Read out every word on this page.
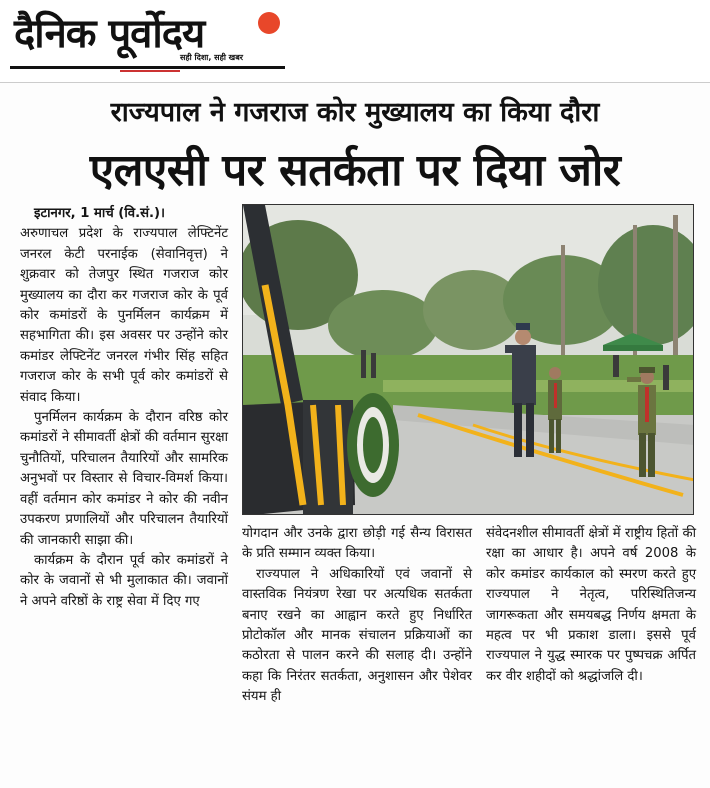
दैनिक पूर्वोदय
सही दिशा, सही खबर
राज्यपाल ने गजराज कोर मुख्यालय का किया दौरा
एलएसी पर सतर्कता पर दिया जोर

इटानगर, 1 मार्च (वि.सं.)।

अरुणाचल प्रदेश के राज्यपाल लेफ्टिनेंट जनरल केटी परनाईक (सेवानिवृत्त) ने शुक्रवार को तेजपुर स्थित गजराज कोर मुख्यालय का दौरा कर गजराज कोर के पूर्व कोर कमांडरों के पुनर्मिलन कार्यक्रम में सहभागिता की। इस अवसर पर उन्होंने कोर कमांडर लेफ्टिनेंट जनरल गंभीर सिंह सहित गजराज कोर के सभी पूर्व कोर कमांडरों से संवाद किया।

पुनर्मिलन कार्यक्रम के दौरान वरिष्ठ कोर कमांडरों ने सीमावर्ती क्षेत्रों की वर्तमान सुरक्षा चुनौतियों, परिचालन तैयारियों और सामरिक अनुभवों पर विस्तार से विचार-विमर्श किया। वहीं वर्तमान कोर कमांडर ने कोर की नवीन उपकरण प्रणालियों और परिचालन तैयारियों की जानकारी साझा की।

कार्यक्रम के दौरान पूर्व कोर कमांडरों ने कोर के जवानों से भी मुलाकात की। जवानों ने अपने वरिष्ठों के राष्ट्र सेवा में दिए गए

योगदान और उनके द्वारा छोड़ी गई सैन्य विरासत के प्रति सम्मान व्यक्त किया।

राज्यपाल ने अधिकारियों एवं जवानों से वास्तविक नियंत्रण रेखा पर अत्यधिक सतर्कता बनाए रखने का आह्वान करते हुए निर्धारित प्रोटोकॉल और मानक संचालन प्रक्रियाओं का कठोरता से पालन करने की सलाह दी। उन्होंने कहा कि निरंतर सतर्कता, अनुशासन और पेशेवर संयम ही

संवेदनशील सीमावर्ती क्षेत्रों में राष्ट्रीय हितों की रक्षा का आधार है। अपने वर्ष 2008 के कोर कमांडर कार्यकाल को स्मरण करते हुए राज्यपाल ने नेतृत्व, परिस्थितिजन्य जागरूकता और समयबद्ध निर्णय क्षमता के महत्व पर भी प्रकाश डाला। इससे पूर्व राज्यपाल ने युद्ध स्मारक पर पुष्पचक्र अर्पित कर वीर शहीदों को श्रद्धांजलि दी।
